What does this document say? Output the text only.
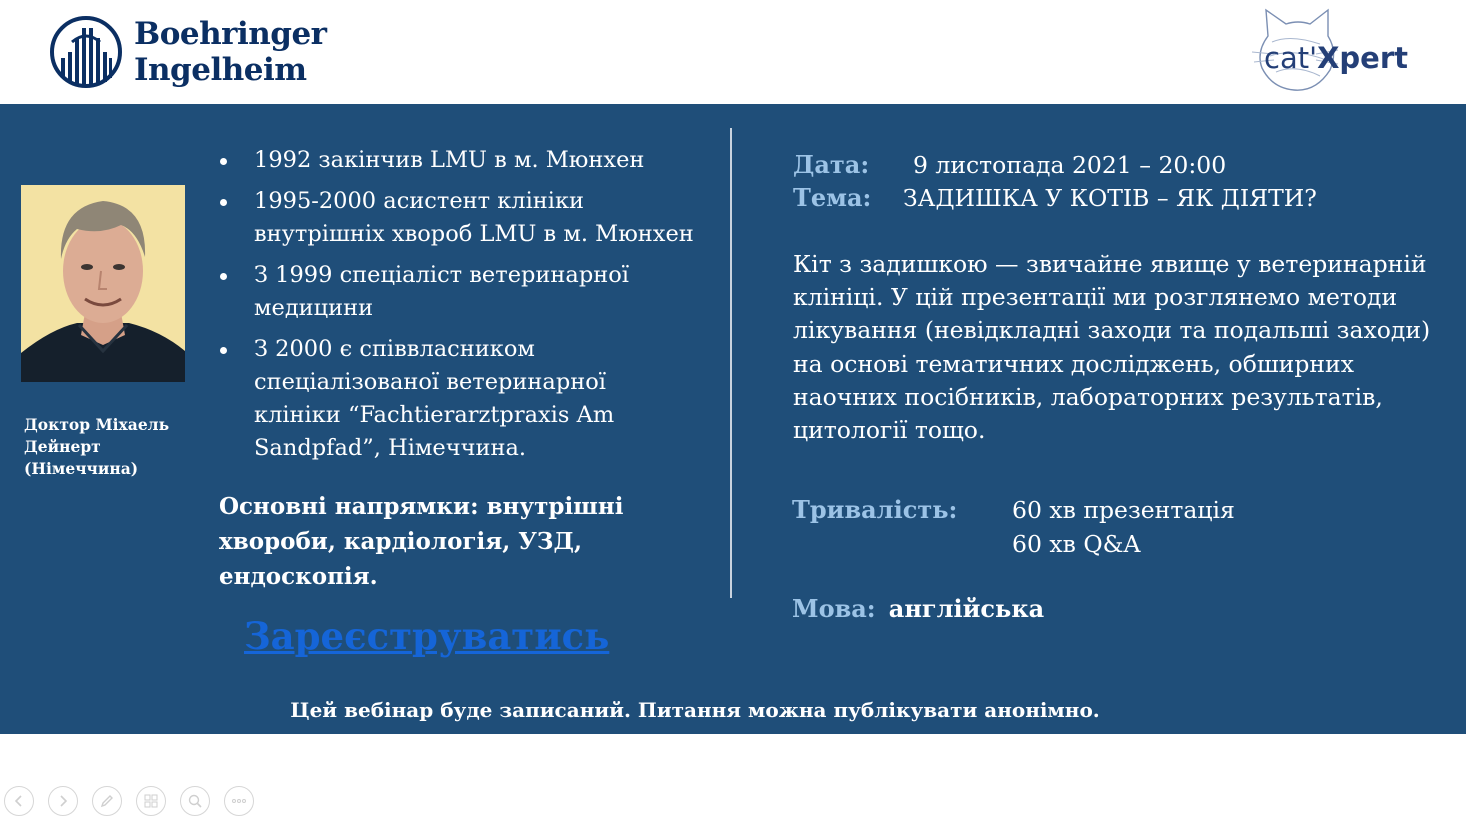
Boehringer
Ingelheim	cat'Xpert
Доктор Міхаель
Дейнерт
(Німеччина)
1992 закінчив LMU в м. Мюнхен
1995-2000 асистент клініки
внутрішніх хвороб LMU в м. Мюнхен
З 1999 спеціаліст ветеринарної
медицини
З 2000 є співвласником
спеціалізованої ветеринарної
клініки “Fachtierarztpraxis Am
Sandpfad”, Німеччина.
Основні напрямки: внутрішні
хвороби, кардіологія, УЗД,
ендоскопія.
Зареєструватись
Дата: 9 листопада 2021 – 20:00
Тема: ЗАДИШКА У КОТІВ – ЯК ДІЯТИ?
Кіт з задишкою — звичайне явище у ветеринарній
клініці. У цій презентації ми розглянемо методи
лікування (невідкладні заходи та подальші заходи)
на основі тематичних досліджень, обширних
наочних посібників, лабораторних результатів,
цитології тощо.
Тривалість: 60 хв презентація
60 хв Q&A
Мова: англійська
Цей вебінар буде записаний. Питання можна публікувати анонімно.
